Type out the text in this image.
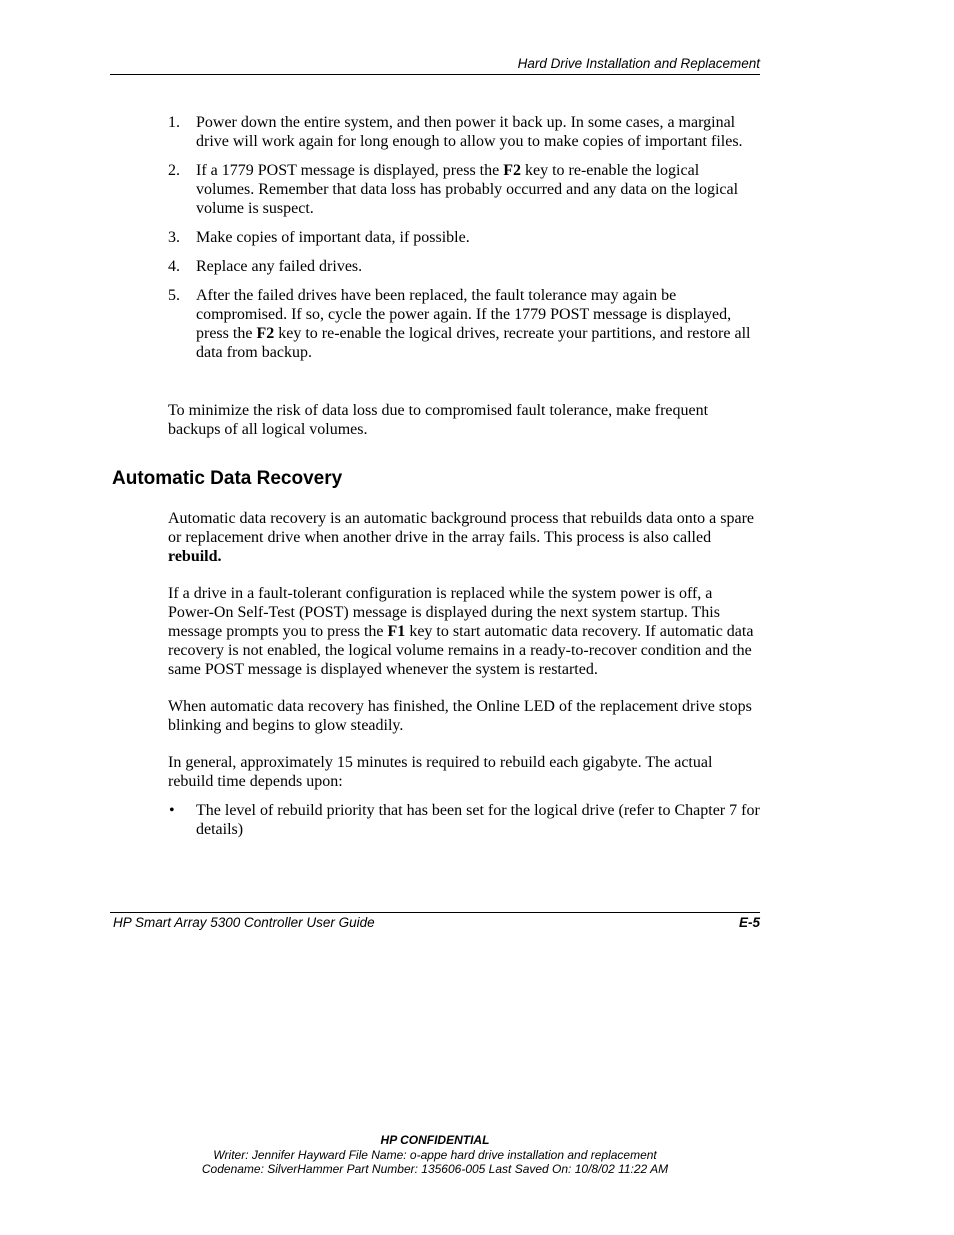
Hard Drive Installation and Replacement
1. Power down the entire system, and then power it back up. In some cases, a marginal drive will work again for long enough to allow you to make copies of important files.
2. If a 1779 POST message is displayed, press the F2 key to re-enable the logical volumes. Remember that data loss has probably occurred and any data on the logical volume is suspect.
3. Make copies of important data, if possible.
4. Replace any failed drives.
5. After the failed drives have been replaced, the fault tolerance may again be compromised. If so, cycle the power again. If the 1779 POST message is displayed, press the F2 key to re-enable the logical drives, recreate your partitions, and restore all data from backup.

To minimize the risk of data loss due to compromised fault tolerance, make frequent backups of all logical volumes.

Automatic Data Recovery

Automatic data recovery is an automatic background process that rebuilds data onto a spare or replacement drive when another drive in the array fails. This process is also called rebuild.

If a drive in a fault-tolerant configuration is replaced while the system power is off, a Power-On Self-Test (POST) message is displayed during the next system startup. This message prompts you to press the F1 key to start automatic data recovery. If automatic data recovery is not enabled, the logical volume remains in a ready-to-recover condition and the same POST message is displayed whenever the system is restarted.

When automatic data recovery has finished, the Online LED of the replacement drive stops blinking and begins to glow steadily.

In general, approximately 15 minutes is required to rebuild each gigabyte. The actual rebuild time depends upon:

• The level of rebuild priority that has been set for the logical drive (refer to Chapter 7 for details)
HP Smart Array 5300 Controller User Guide	E-5
HP CONFIDENTIAL
Writer: Jennifer Hayward File Name: o-appe hard drive installation and replacement
Codename: SilverHammer Part Number: 135606-005 Last Saved On: 10/8/02 11:22 AM
